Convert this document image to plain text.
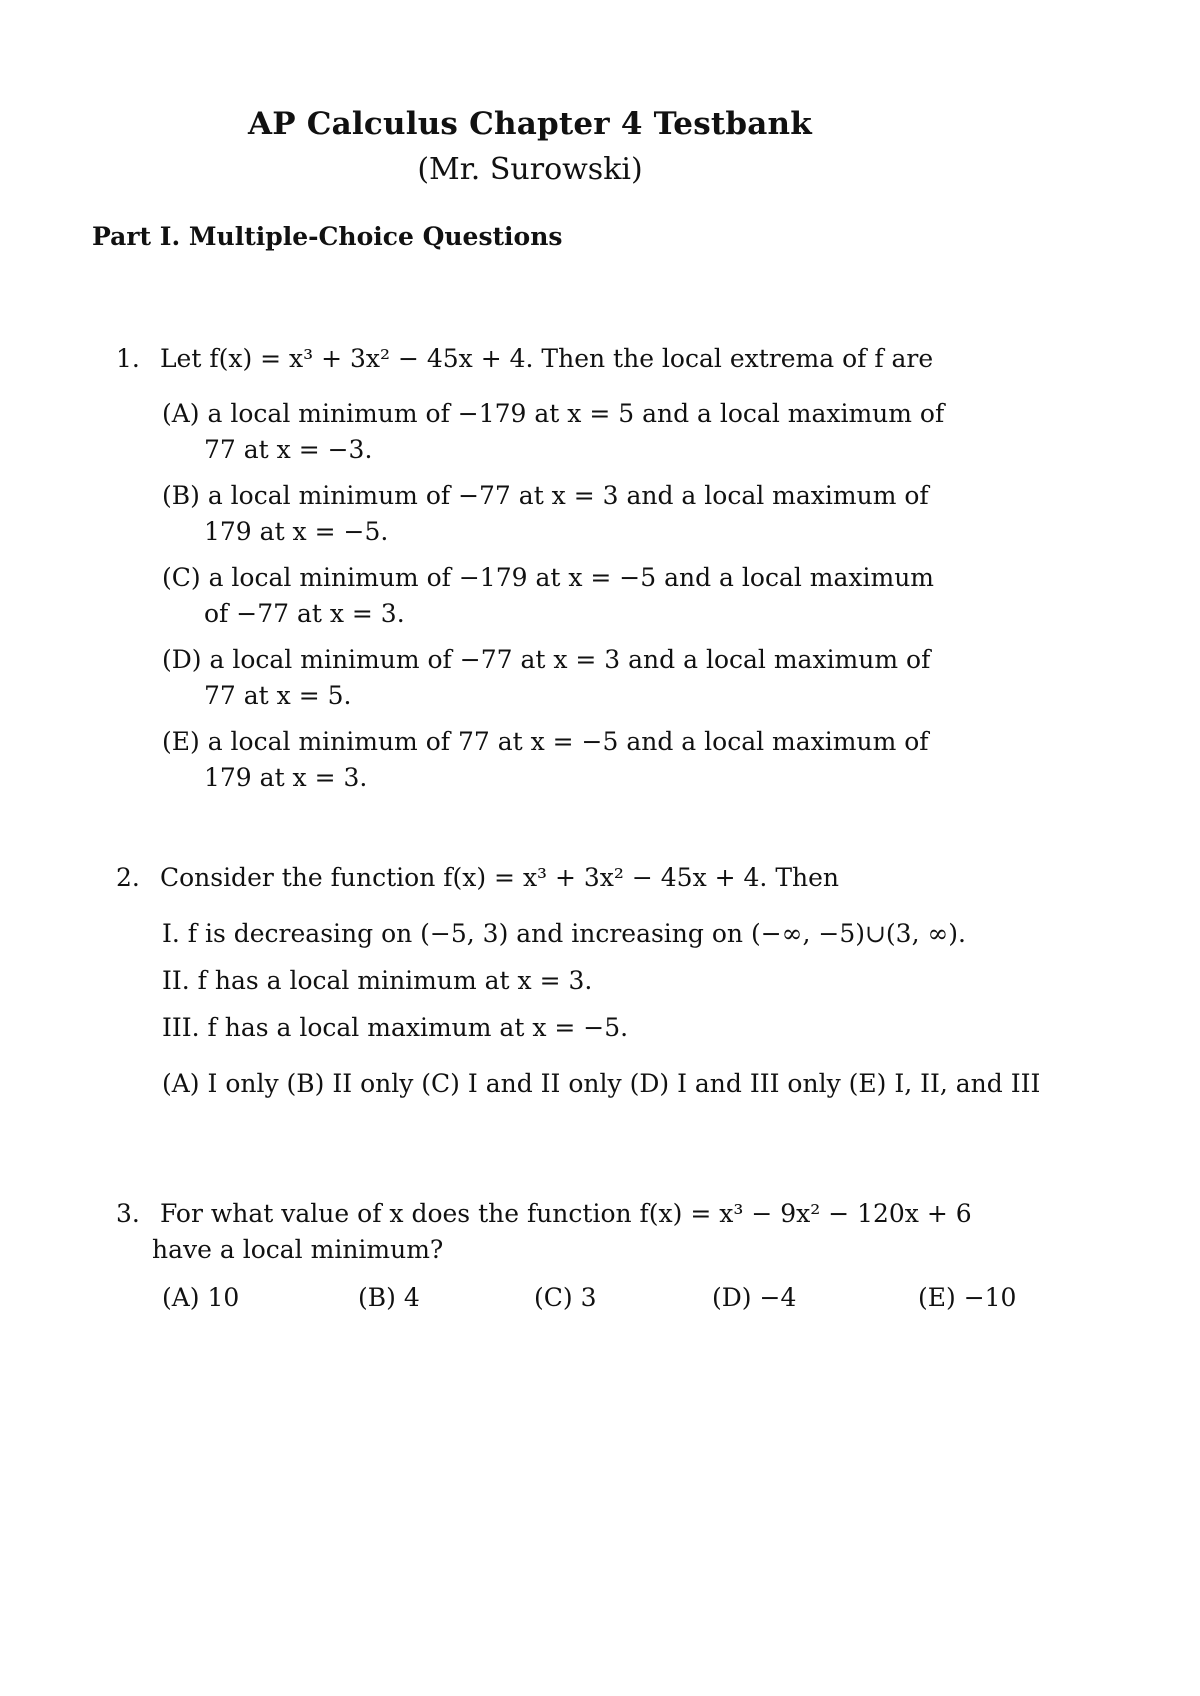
AP Calculus Chapter 4 Testbank
(Mr. Surowski)
Part I. Multiple-Choice Questions
1. Let f(x) = x³ + 3x² − 45x + 4. Then the local extrema of f are
(A) a local minimum of −179 at x = 5 and a local maximum of
77 at x = −3.
(B) a local minimum of −77 at x = 3 and a local maximum of
179 at x = −5.
(C) a local minimum of −179 at x = −5 and a local maximum
of −77 at x = 3.
(D) a local minimum of −77 at x = 3 and a local maximum of
77 at x = 5.
(E) a local minimum of 77 at x = −5 and a local maximum of
179 at x = 3.
2. Consider the function f(x) = x³ + 3x² − 45x + 4. Then
I. f is decreasing on (−5, 3) and increasing on (−∞, −5)∪(3, ∞).
II. f has a local minimum at x = 3.
III. f has a local maximum at x = −5.
(A) I only (B) II only (C) I and II only (D) I and III only (E) I, II, and III
3. For what value of x does the function f(x) = x³ − 9x² − 120x + 6
have a local minimum?
(A) 10	(B) 4	(C) 3	(D) −4	(E) −10
